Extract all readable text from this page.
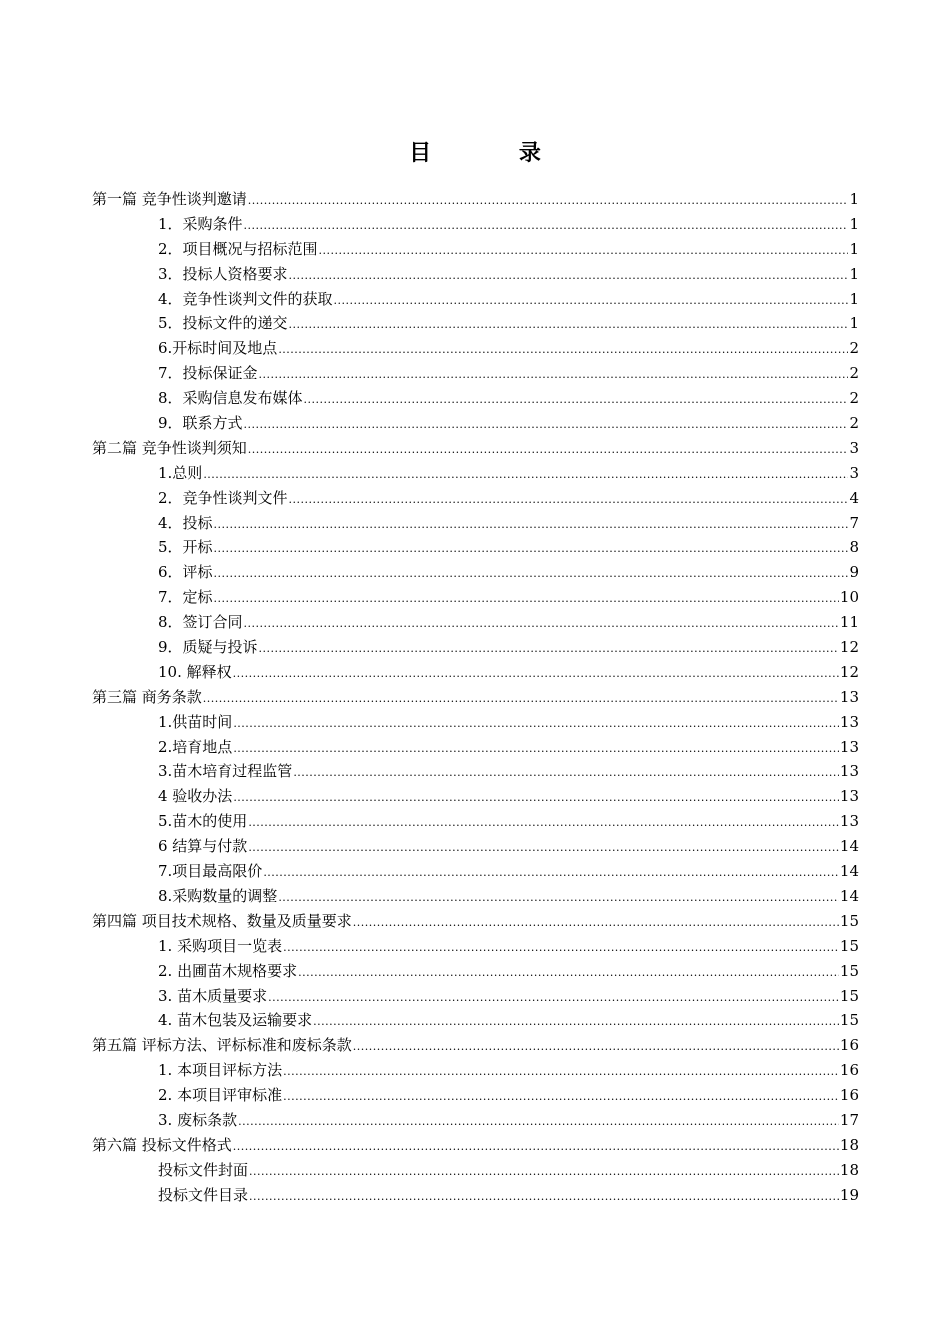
目 录
第一篇 竞争性谈判邀请 .....	1
1．采购条件 .....	1
2．项目概况与招标范围 .....	1
3．投标人资格要求 .....	1
4．竞争性谈判文件的获取 .....	1
5．投标文件的递交 .....	1
6.开标时间及地点 .....	2
7．投标保证金 .....	2
8．采购信息发布媒体 .....	2
9．联系方式 .....	2
第二篇 竞争性谈判须知 .....	3
1.总则 .....	3
2．竞争性谈判文件 .....	4
4．投标 .....	7
5．开标 .....	8
6．评标 .....	9
7．定标 .....	10
8．签订合同 .....	11
9．质疑与投诉 .....	12
10. 解释权 .....	12
第三篇 商务条款 .....	13
1.供苗时间 .....	13
2.培育地点 .....	13
3.苗木培育过程监管 .....	13
4 验收办法 .....	13
5.苗木的使用 .....	13
6 结算与付款 .....	14
7.项目最高限价 .....	14
8.采购数量的调整 .....	14
第四篇 项目技术规格、数量及质量要求 .....	15
1. 采购项目一览表 .....	15
2. 出圃苗木规格要求 .....	15
3. 苗木质量要求 .....	15
4. 苗木包装及运输要求 .....	15
第五篇 评标方法、评标标准和废标条款 .....	16
1. 本项目评标方法 .....	16
2. 本项目评审标准 .....	16
3. 废标条款 .....	17
第六篇 投标文件格式 .....	18
投标文件封面 .....	18
投标文件目录 .....	19
